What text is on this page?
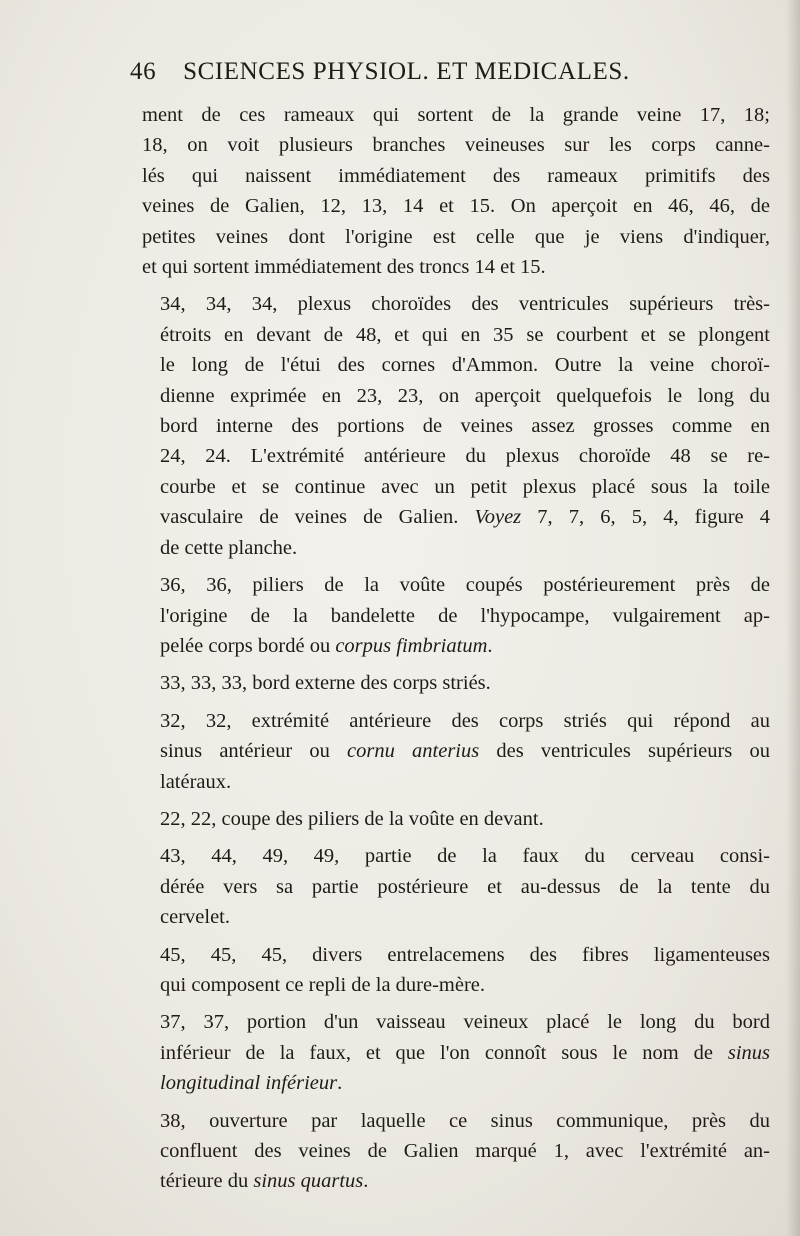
46 SCIENCES PHYSIOL. ET MEDICALES.

ment de ces rameaux qui sortent de la grande veine 17, 18;
18, on voit plusieurs branches veineuses sur les corps canne-
lés qui naissent immédiatement des rameaux primitifs des
veines de Galien, 12, 13, 14 et 15. On aperçoit en 46, 46, de
petites veines dont l'origine est celle que je viens d'indiquer,
et qui sortent immédiatement des troncs 14 et 15.

34, 34, 34, plexus choroïdes des ventricules supérieurs très-
étroits en devant de 48, et qui en 35 se courbent et se plongent
le long de l'étui des cornes d'Ammon. Outre la veine choroï-
dienne exprimée en 23, 23, on aperçoit quelquefois le long du
bord interne des portions de veines assez grosses comme en
24, 24. L'extrémité antérieure du plexus choroïde 48 se re-
courbe et se continue avec un petit plexus placé sous la toile
vasculaire de veines de Galien. Voyez 7, 7, 6, 5, 4, figure 4
de cette planche.

36, 36, piliers de la voûte coupés postérieurement près de
l'origine de la bandelette de l'hypocampe, vulgairement ap-
pelée corps bordé ou corpus fimbriatum.

33, 33, 33, bord externe des corps striés.

32, 32, extrémité antérieure des corps striés qui répond au
sinus antérieur ou cornu anterius des ventricules supérieurs ou
latéraux.

22, 22, coupe des piliers de la voûte en devant.

43, 44, 49, 49, partie de la faux du cerveau consi-
dérée vers sa partie postérieure et au-dessus de la tente du
cervelet.

45, 45, 45, divers entrelacemens des fibres ligamenteuses
qui composent ce repli de la dure-mère.

37, 37, portion d'un vaisseau veineux placé le long du bord
inférieur de la faux, et que l'on connoît sous le nom de sinus
longitudinal inférieur.

38, ouverture par laquelle ce sinus communique, près du
confluent des veines de Galien marqué 1, avec l'extrémité an-
térieure du sinus quartus.
